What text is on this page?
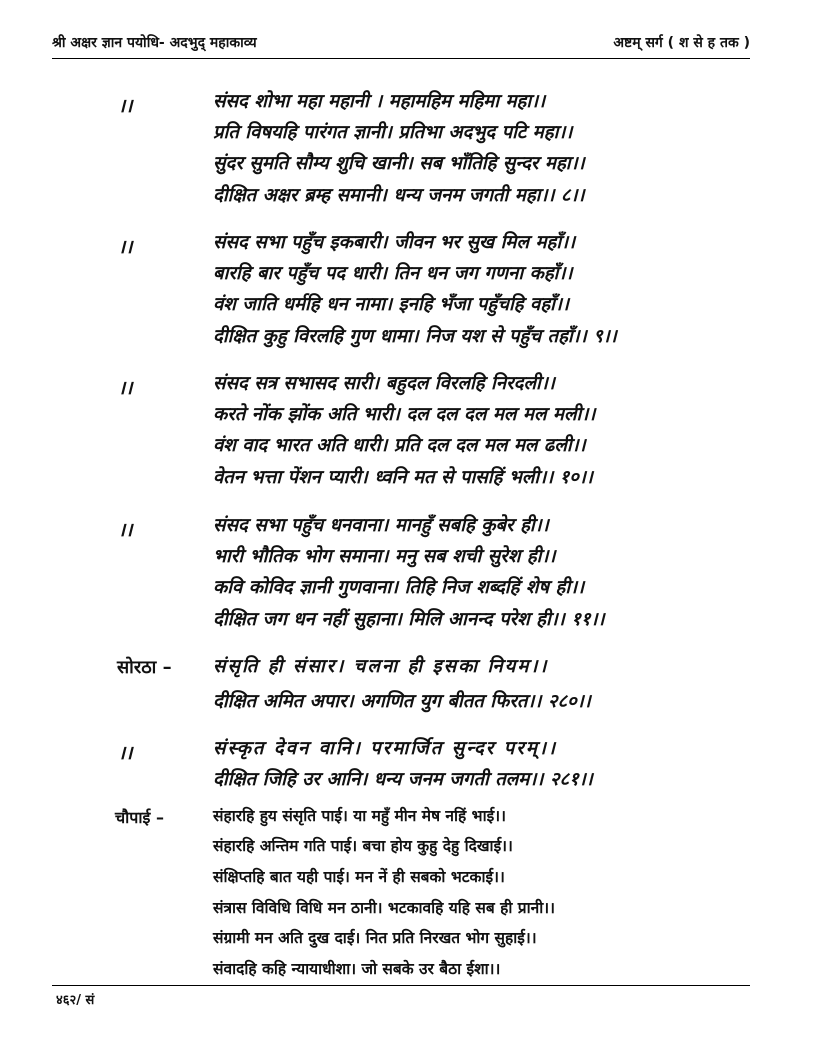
श्री अक्षर ज्ञान पयोधि- अदभुद् महाकाव्य	अष्टम् सर्ग ( श से ह तक )
।।	संसद शोभा महा महानी । महामहिम महिमा महा।।
प्रति विषयहि पारंगत ज्ञानी। प्रतिभा अदभुद पटि महा।।
सुंदर सुमति सौम्य शुचि खानी। सब भाँतिहि सुन्दर महा।।
दीक्षित अक्षर ब्रम्ह समानी। धन्य जनम जगती महा।। ८।।
।।	संसद सभा पहुँच इकबारी। जीवन भर सुख मिल महाँ।।
बारहि बार पहुँच पद धारी। तिन धन जग गणना कहाँ।।
वंश जाति धर्महि धन नामा। इनहि भँजा पहुँचहि वहाँ।।
दीक्षित कुहु विरलहि गुण धामा। निज यश से पहुँच तहाँ।। ९।।
।।	संसद सत्र सभासद सारी। बहुदल विरलहि निरदली।।
करते नोंक झोंक अति भारी। दल दल दल मल मल मली।।
वंश वाद भारत अति धारी। प्रति दल दल मल मल ढली।।
वेतन भत्ता पेंशन प्यारी। ध्वनि मत से पासहिं भली।। १०।।
।।	संसद सभा पहुँच धनवाना। मानहुँ सबहि कुबेर ही।।
भारी भौतिक भोग समाना। मनु सब शची सुरेश ही।।
कवि कोविद ज्ञानी गुणवाना। तिहि निज शब्दहिं शेष ही।।
दीक्षित जग धन नहीं सुहाना। मिलि आनन्द परेश ही।। ११।।
सोरठा – संसृति ही संसार। चलना ही इसका नियम।।
दीक्षित अमित अपार। अगणित युग बीतत फिरत।। २८०।।
।।	संस्कृत देवन वानि। परमार्जित सुन्दर परम्।।
दीक्षित जिहि उर आनि। धन्य जनम जगती तलम।। २८१।।
चौपाई –	संहारहि हुय संसृति पाई। या महुँ मीन मेष नहिं भाई।।
संहारहि अन्तिम गति पाई। बचा होय कुहु देहु दिखाई।।
संक्षिप्तहि बात यही पाई। मन नें ही सबको भटकाई।।
संत्रास विविधि विधि मन ठानी। भटकावहि यहि सब ही प्रानी।।
संग्रामी मन अति दुख दाई। नित प्रति निरखत भोग सुहाई।।
संवादहि कहि न्यायाधीशा। जो सबके उर बैठा ईशा।।
४६२/ सं
